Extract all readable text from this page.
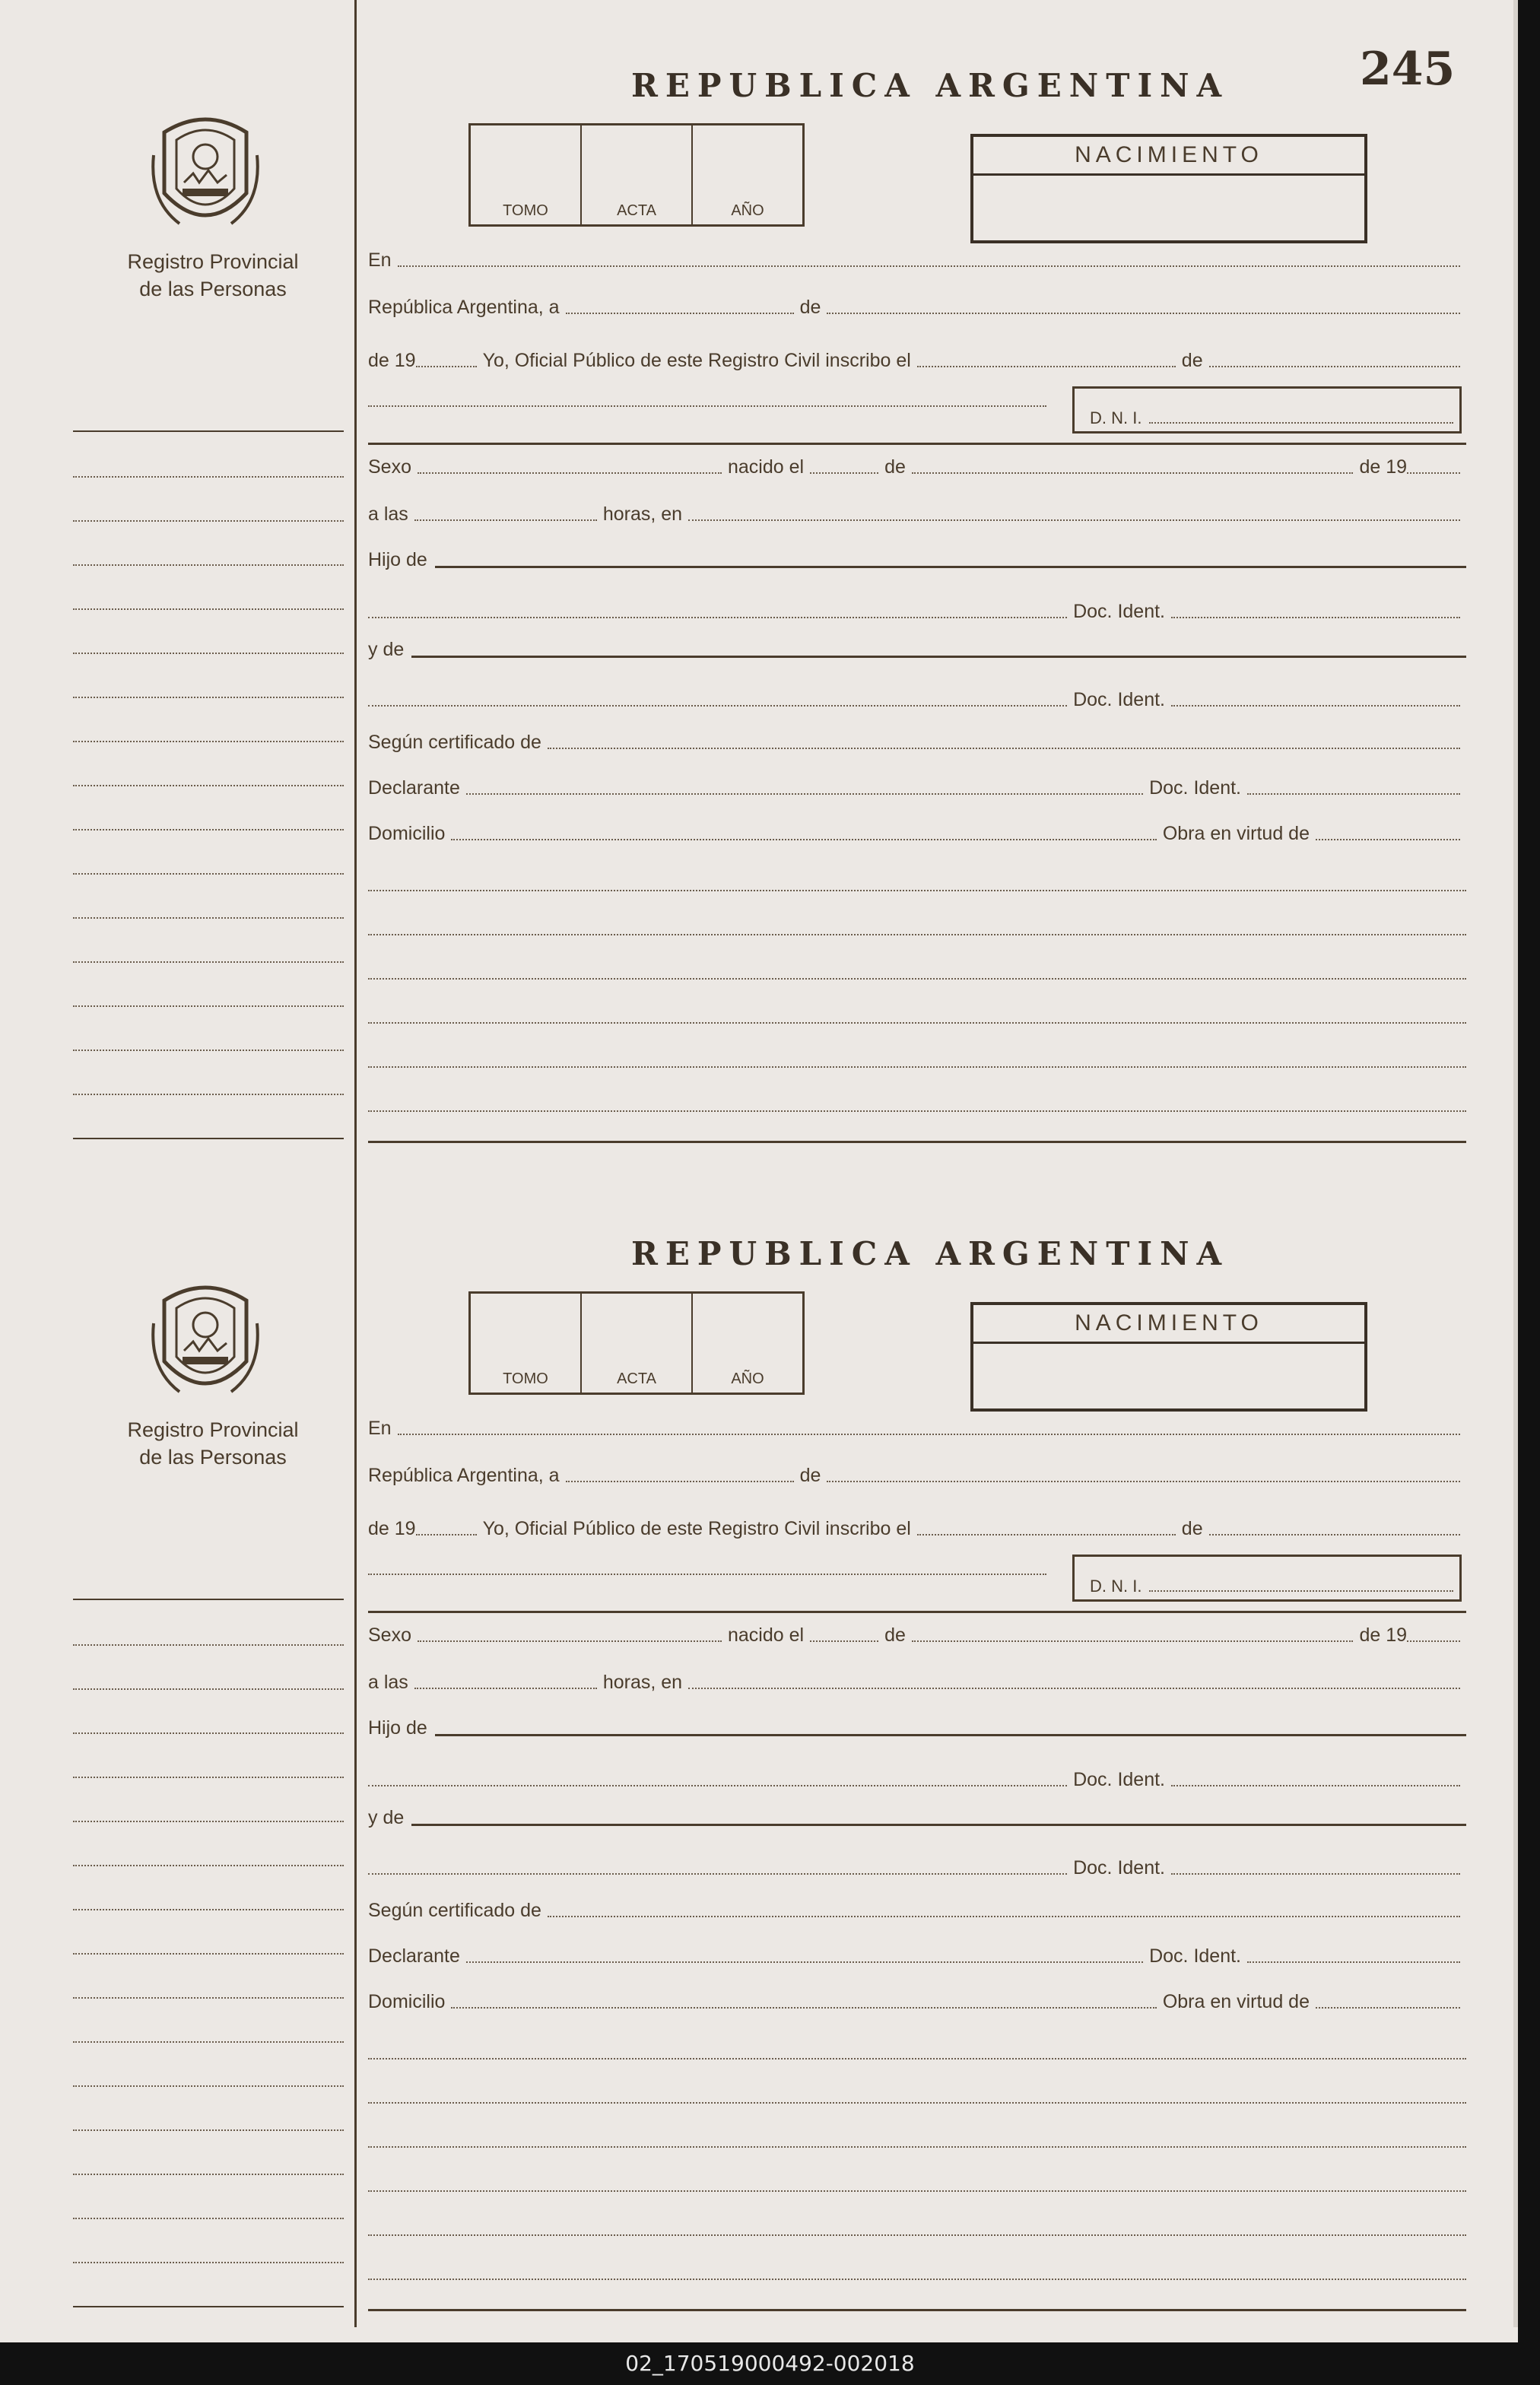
245
Registro Provincial
de las Personas
REPUBLICA ARGENTINA
TOMO	ACTA	AÑO
NACIMIENTO
En
República Argentina, a	de
de 19	Yo, Oficial Público de este Registro Civil inscribo el	de
D. N. I.
Sexo	nacido el	de	de 19
a las	horas, en
Hijo de
Doc. Ident.
y de
Doc. Ident.
Según certificado de
Declarante	Doc. Ident.
Domicilio	Obra en virtud de
Registro Provincial
de las Personas
REPUBLICA ARGENTINA
TOMO	ACTA	AÑO
NACIMIENTO
En
República Argentina, a	de
de 19	Yo, Oficial Público de este Registro Civil inscribo el	de
D. N. I.
Sexo	nacido el	de	de 19
a las	horas, en
Hijo de
Doc. Ident.
y de
Doc. Ident.
Según certificado de
Declarante	Doc. Ident.
Domicilio	Obra en virtud de
02_170519000492-002018
